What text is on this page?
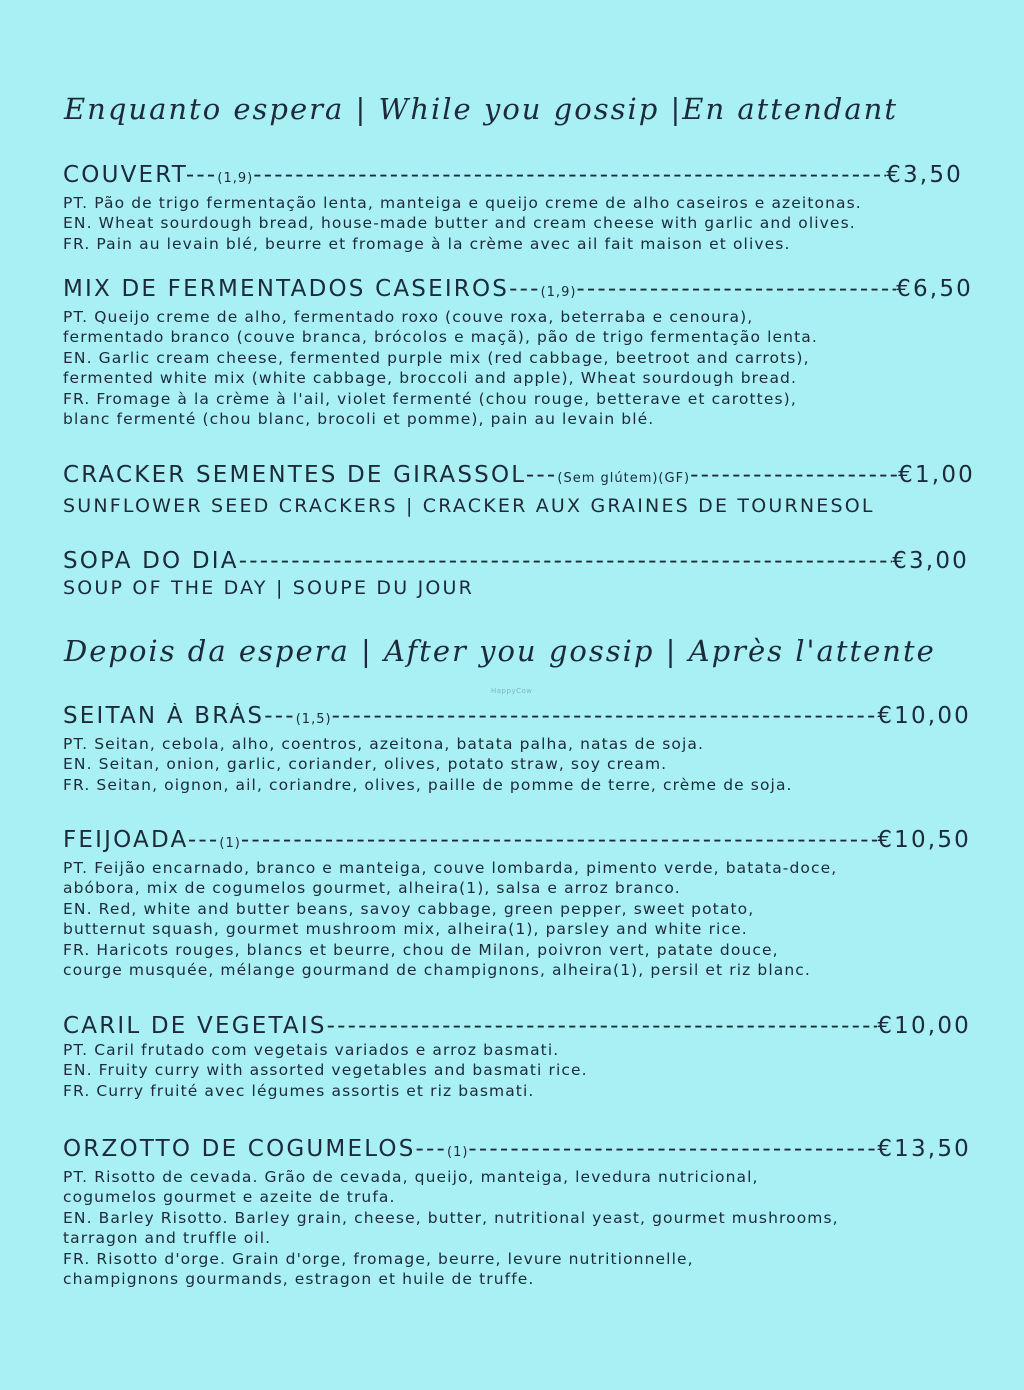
Enquanto espera | While you gossip |En attendant
COUVERT--- (1,9) -----	€3,50
PT. Pão de trigo fermentação lenta, manteiga e queijo creme de alho caseiros e azeitonas.
EN. Wheat sourdough bread, house-made butter and cream cheese with garlic and olives.
FR. Pain au levain blé, beurre et fromage à la crème avec ail fait maison et olives.
MIX DE FERMENTADOS CASEIROS--- (1,9) -----	€6,50
PT. Queijo creme de alho, fermentado roxo (couve roxa, beterraba e cenoura),
fermentado branco (couve branca, brócolos e maçã), pão de trigo fermentação lenta.
EN. Garlic cream cheese, fermented purple mix (red cabbage, beetroot and carrots),
fermented white mix (white cabbage, broccoli and apple), Wheat sourdough bread.
FR. Fromage à la crème à l'ail, violet fermenté (chou rouge, betterave et carottes),
blanc fermenté (chou blanc, brocoli et pomme), pain au levain blé.
CRACKER SEMENTES DE GIRASSOL--- (Sem glútem)(GF) -----	€1,00
SUNFLOWER SEED CRACKERS | CRACKER AUX GRAINES DE TOURNESOL
SOPA DO DIA -----	€3,00
SOUP OF THE DAY | SOUPE DU JOUR
Depois da espera | After you gossip | Après l'attente
HappyCow
SEITAN À BRÁS--- (1,5) -----	€10,00
PT. Seitan, cebola, alho, coentros, azeitona, batata palha, natas de soja.
EN. Seitan, onion, garlic, coriander, olives, potato straw, soy cream.
FR. Seitan, oignon, ail, coriandre, olives, paille de pomme de terre, crème de soja.
FEIJOADA--- (1) -----	€10,50
PT. Feijão encarnado, branco e manteiga, couve lombarda, pimento verde, batata-doce,
abóbora, mix de cogumelos gourmet, alheira(1), salsa e arroz branco.
EN. Red, white and butter beans, savoy cabbage, green pepper, sweet potato,
butternut squash, gourmet mushroom mix, alheira(1), parsley and white rice.
FR. Haricots rouges, blancs et beurre, chou de Milan, poivron vert, patate douce,
courge musquée, mélange gourmand de champignons, alheira(1), persil et riz blanc.
CARIL DE VEGETAIS -----	€10,00
PT. Caril frutado com vegetais variados e arroz basmati.
EN. Fruity curry with assorted vegetables and basmati rice.
FR. Curry fruité avec légumes assortis et riz basmati.
ORZOTTO DE COGUMELOS--- (1) -----	€13,50
PT. Risotto de cevada. Grão de cevada, queijo, manteiga, levedura nutricional,
cogumelos gourmet e azeite de trufa.
EN. Barley Risotto. Barley grain, cheese, butter, nutritional yeast, gourmet mushrooms,
tarragon and truffle oil.
FR. Risotto d'orge. Grain d'orge, fromage, beurre, levure nutritionnelle,
champignons gourmands, estragon et huile de truffe.
